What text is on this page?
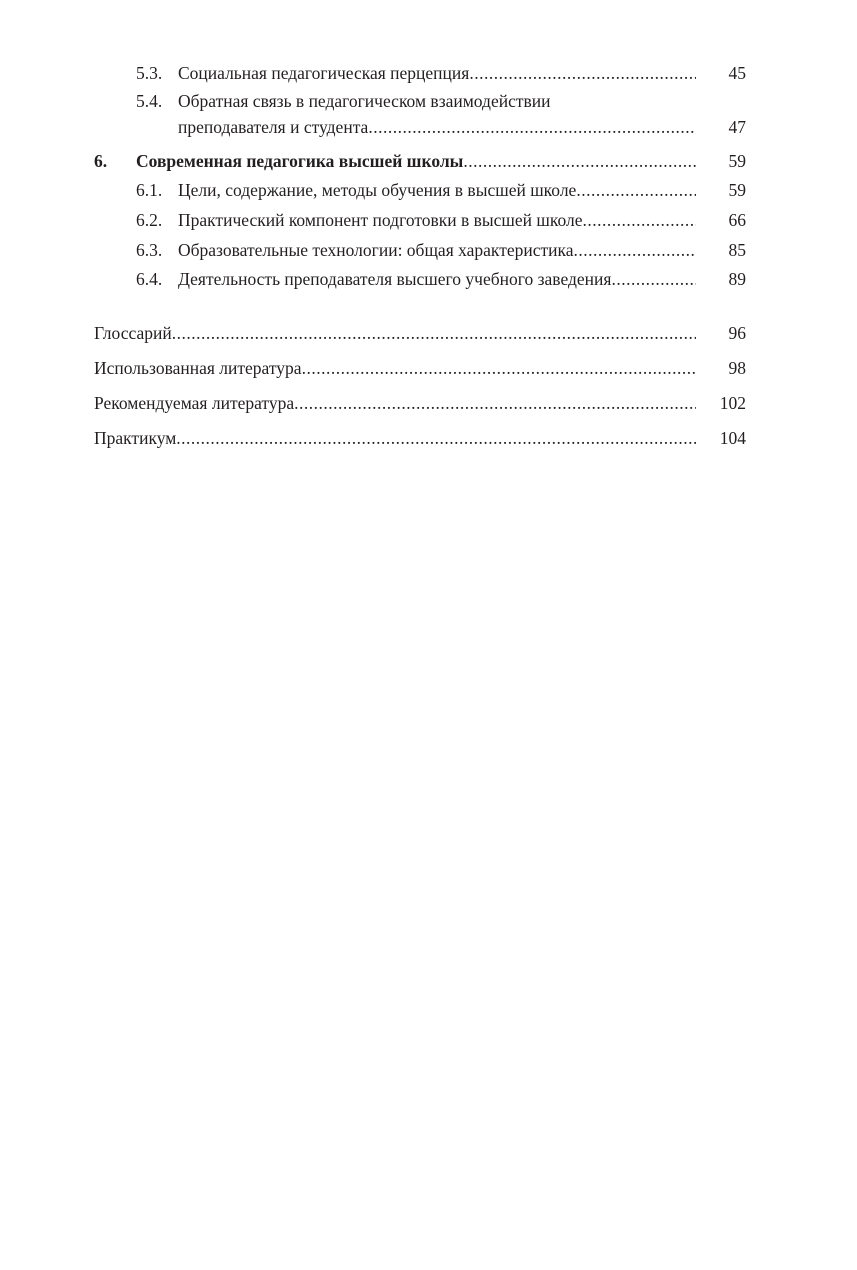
5.3. Социальная педагогическая перцепция .....	45
5.4. Обратная связь в педагогическом взаимодействии
преподавателя и студента .....	47
6.	Современная педагогика высшей школы .....	59
6.1. Цели, содержание, методы обучения в высшей школе .....	59
6.2. Практический компонент подготовки в высшей школе .....	66
6.3. Образовательные технологии: общая характеристика .....	85
6.4. Деятельность преподавателя высшего учебного заведения .....	89
Глоссарий .....	96
Использованная литература .....	98
Рекомендуемая литература .....	102
Практикум .....	104
